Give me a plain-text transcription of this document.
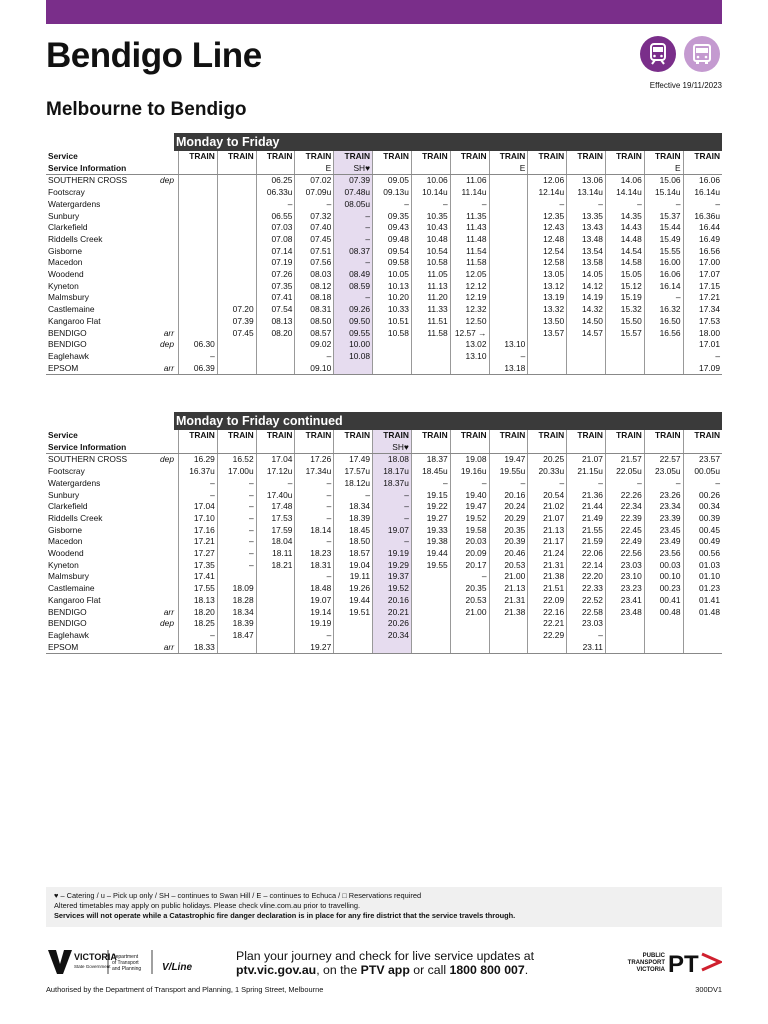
Bendigo Line
Melbourne to Bendigo
Effective 19/11/2023
Monday to Friday
Service		TRAIN	TRAIN	TRAIN	TRAIN	TRAIN	TRAIN	TRAIN	TRAIN	TRAIN	TRAIN	TRAIN	TRAIN	TRAIN	TRAIN
Service Information					E	SH♥				E				E	
SOUTHERN CROSS	dep			06.25	07.02	07.39	09.05	10.06	11.06		12.06	13.06	14.06	15.06	16.06
Footscray				06.33u	07.09u	07.48u	09.13u	10.14u	11.14u		12.14u	13.14u	14.14u	15.14u	16.14u
Watergardens				–	–	08.05u	–	–	–		–	–	–	–	–
Sunbury				06.55	07.32	–	09.35	10.35	11.35		12.35	13.35	14.35	15.37	16.36u
Clarkefield				07.03	07.40	–	09.43	10.43	11.43		12.43	13.43	14.43	15.44	16.44
Riddells Creek				07.08	07.45	–	09.48	10.48	11.48		12.48	13.48	14.48	15.49	16.49
Gisborne				07.14	07.51	08.37	09.54	10.54	11.54		12.54	13.54	14.54	15.55	16.56
Macedon				07.19	07.56	–	09.58	10.58	11.58		12.58	13.58	14.58	16.00	17.00
Woodend				07.26	08.03	08.49	10.05	11.05	12.05		13.05	14.05	15.05	16.06	17.07
Kyneton				07.35	08.12	08.59	10.13	11.13	12.12		13.12	14.12	15.12	16.14	17.15
Malmsbury				07.41	08.18	–	10.20	11.20	12.19		13.19	14.19	15.19	–	17.21
Castlemaine			07.20	07.54	08.31	09.26	10.33	11.33	12.32		13.32	14.32	15.32	16.32	17.34
Kangaroo Flat			07.39	08.13	08.50	09.50	10.51	11.51	12.50		13.50	14.50	15.50	16.50	17.53
BENDIGO	arr		07.45	08.20	08.57	09.55	10.58	11.58	12.57 →		13.57	14.57	15.57	16.56	18.00
BENDIGO	dep	06.30			09.02	10.00			13.02	13.10					17.01
Eaglehawk		–			–	10.08			13.10	–					–
EPSOM	arr	06.39			09.10					13.18					17.09
Monday to Friday continued
Service		TRAIN	TRAIN	TRAIN	TRAIN	TRAIN	TRAIN	TRAIN	TRAIN	TRAIN	TRAIN	TRAIN	TRAIN	TRAIN	TRAIN
Service Information							SH♥								
SOUTHERN CROSS	dep	16.29	16.52	17.04	17.26	17.49	18.08	18.37	19.08	19.47	20.25	21.07	21.57	22.57	23.57
Footscray		16.37u	17.00u	17.12u	17.34u	17.57u	18.17u	18.45u	19.16u	19.55u	20.33u	21.15u	22.05u	23.05u	00.05u
Watergardens		–	–	–	–	18.12u	18.37u	–	–	–	–	–	–	–	–
Sunbury		–	–	17.40u	–	–	–	19.15	19.40	20.16	20.54	21.36	22.26	23.26	00.26
Clarkefield		17.04	–	17.48	–	18.34	–	19.22	19.47	20.24	21.02	21.44	22.34	23.34	00.34
Riddells Creek		17.10	–	17.53	–	18.39	–	19.27	19.52	20.29	21.07	21.49	22.39	23.39	00.39
Gisborne		17.16	–	17.59	18.14	18.45	19.07	19.33	19.58	20.35	21.13	21.55	22.45	23.45	00.45
Macedon		17.21	–	18.04	–	18.50	–	19.38	20.03	20.39	21.17	21.59	22.49	23.49	00.49
Woodend		17.27	–	18.11	18.23	18.57	19.19	19.44	20.09	20.46	21.24	22.06	22.56	23.56	00.56
Kyneton		17.35	–	18.21	18.31	19.04	19.29	19.55	20.17	20.53	21.31	22.14	23.03	00.03	01.03
Malmsbury		17.41			–	19.11	19.37		–	21.00	21.38	22.20	23.10	00.10	01.10
Castlemaine		17.55	18.09		18.48	19.26	19.52		20.35	21.13	21.51	22.33	23.23	00.23	01.23
Kangaroo Flat		18.13	18.28		19.07	19.44	20.16		20.53	21.31	22.09	22.52	23.41	00.41	01.41
BENDIGO	arr	18.20	18.34		19.14	19.51	20.21		21.00	21.38	22.16	22.58	23.48	00.48	01.48
BENDIGO	dep	18.25	18.39		19.19		20.26				22.21	23.03			
Eaglehawk		–	18.47		–		20.34				22.29	–			
EPSOM	arr	18.33			19.27							23.11			
♥ – Catering / u – Pick up only / SH – continues to Swan Hill / E – continues to Echuca / □ Reservations required
Altered timetables may apply on public holidays. Please check vline.com.au prior to travelling.
Services will not operate while a Catastrophic fire danger declaration is in place for any fire district that the service travels through.
VICTORIA
State Government
Department
of Transport
and Planning V/Line
Plan your journey and check for live service updates at
ptv.vic.gov.au, on the PTV app or call 1800 800 007.
PUBLIC
TRANSPORT
VICTORIA PT
Authorised by the Department of Transport and Planning, 1 Spring Street, Melbourne	300DV1
